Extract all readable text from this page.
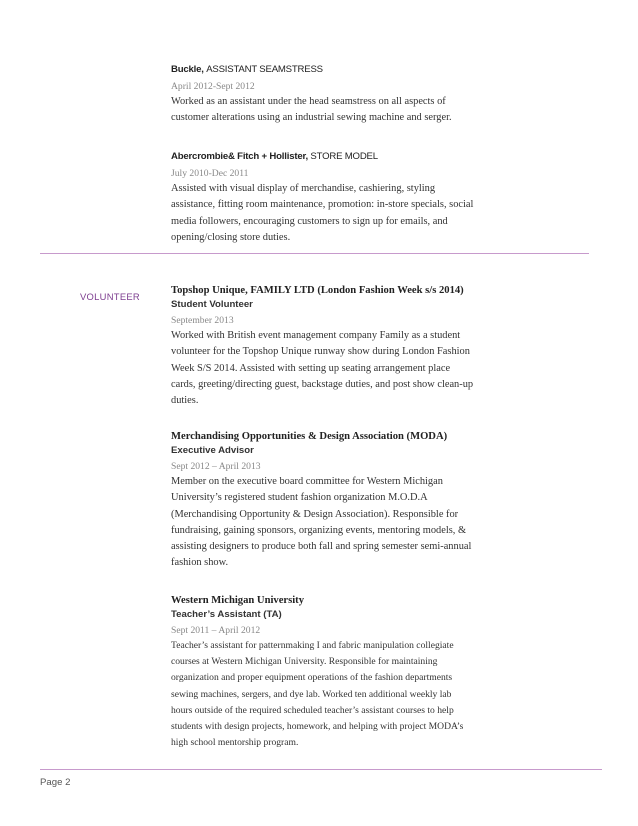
Buckle, ASSISTANT SEAMSTRESS
April 2012-Sept 2012
Worked as an assistant under the head seamstress on all aspects of
customer alterations using an industrial sewing machine and serger.
Abercrombie& Fitch + Hollister, STORE MODEL
July 2010-Dec 2011
Assisted with visual display of merchandise, cashiering, styling
assistance, fitting room maintenance, promotion: in-store specials, social
media followers, encouraging customers to sign up for emails, and
opening/closing store duties.
VOLUNTEER
Topshop Unique, FAMILY LTD (London Fashion Week s/s 2014)
Student Volunteer
September 2013
Worked with British event management company Family as a student
volunteer for the Topshop Unique runway show during London Fashion
Week S/S 2014. Assisted with setting up seating arrangement place
cards, greeting/directing guest, backstage duties, and post show clean-up
duties.
Merchandising Opportunities & Design Association (MODA)
Executive Advisor
Sept 2012 – April 2013
Member on the executive board committee for Western Michigan
University’s registered student fashion organization M.O.D.A
(Merchandising Opportunity & Design Association). Responsible for
fundraising, gaining sponsors, organizing events, mentoring models, &
assisting designers to produce both fall and spring semester semi-annual
fashion show.
Western Michigan University
Teacher’s Assistant (TA)
Sept 2011 – April 2012
Teacher’s assistant for patternmaking I and fabric manipulation collegiate
courses at Western Michigan University. Responsible for maintaining
organization and proper equipment operations of the fashion departments
sewing machines, sergers, and dye lab. Worked ten additional weekly lab
hours outside of the required scheduled teacher’s assistant courses to help
students with design projects, homework, and helping with project MODA’s
high school mentorship program.
Page 2
